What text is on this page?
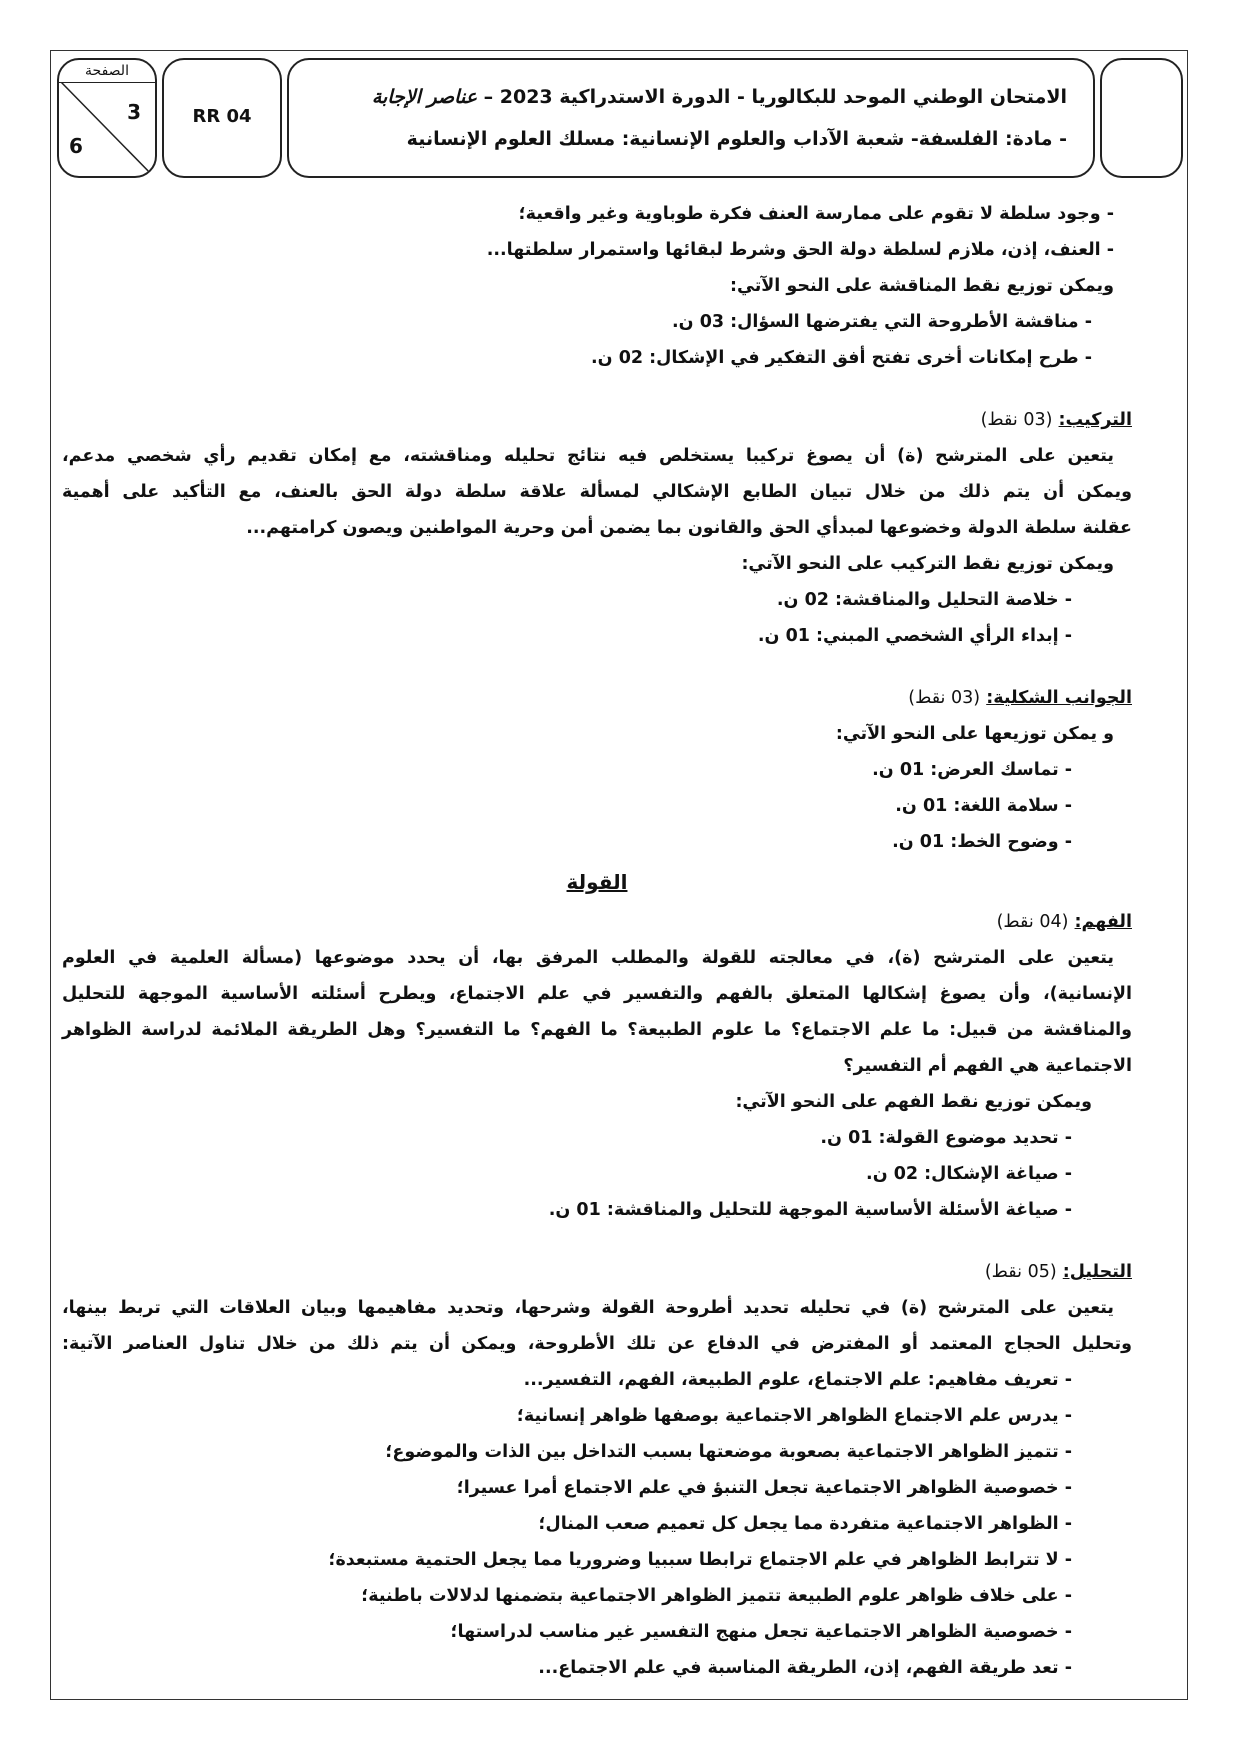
الامتحان الوطني الموحد للبكالوريا - الدورة الاستدراكية 2023 – عناصر الإجابة
- مادة: الفلسفة- شعبة الآداب والعلوم الإنسانية: مسلك العلوم الإنسانية
RR 04
الصفحة
3
6
- وجود سلطة لا تقوم على ممارسة العنف فكرة طوباوية وغير واقعية؛
- العنف، إذن، ملازم لسلطة دولة الحق وشرط لبقائها واستمرار سلطتها...
ويمكن توزيع نقط المناقشة على النحو الآتي:
- مناقشة الأطروحة التي يفترضها السؤال: 03 ن.
- طرح إمكانات أخرى تفتح أفق التفكير في الإشكال: 02 ن.
التركيب: (03 نقط)
يتعين على المترشح (ة) أن يصوغ تركيبا يستخلص فيه نتائج تحليله ومناقشته، مع إمكان تقديم رأي شخصي مدعم،
ويمكن أن يتم ذلك من خلال تبيان الطابع الإشكالي لمسألة علاقة سلطة دولة الحق بالعنف، مع التأكيد على أهمية
عقلنة سلطة الدولة وخضوعها لمبدأي الحق والقانون بما يضمن أمن وحرية المواطنين ويصون كرامتهم...
ويمكن توزيع نقط التركيب على النحو الآتي:
- خلاصة التحليل والمناقشة: 02 ن.
- إبداء الرأي الشخصي المبني: 01 ن.
الجوانب الشكلية: (03 نقط)
و يمكن توزيعها على النحو الآتي:
- تماسك العرض: 01 ن.
- سلامة اللغة: 01 ن.
- وضوح الخط: 01 ن.
القولة
الفهم: (04 نقط)
يتعين على المترشح (ة)، في معالجته للقولة والمطلب المرفق بها، أن يحدد موضوعها (مسألة العلمية في العلوم
الإنسانية)، وأن يصوغ إشكالها المتعلق بالفهم والتفسير في علم الاجتماع، ويطرح أسئلته الأساسية الموجهة للتحليل
والمناقشة من قبيل: ما علم الاجتماع؟ ما علوم الطبيعة؟ ما الفهم؟ ما التفسير؟ وهل الطريقة الملائمة لدراسة الظواهر
الاجتماعية هي الفهم أم التفسير؟
ويمكن توزيع نقط الفهم على النحو الآتي:
- تحديد موضوع القولة: 01 ن.
- صياغة الإشكال: 02 ن.
- صياغة الأسئلة الأساسية الموجهة للتحليل والمناقشة: 01 ن.
التحليل: (05 نقط)
يتعين على المترشح (ة) في تحليله تحديد أطروحة القولة وشرحها، وتحديد مفاهيمها وبيان العلاقات التي تربط بينها،
وتحليل الحجاج المعتمد أو المفترض في الدفاع عن تلك الأطروحة، ويمكن أن يتم ذلك من خلال تناول العناصر الآتية:
- تعريف مفاهيم: علم الاجتماع، علوم الطبيعة، الفهم، التفسير...
- يدرس علم الاجتماع الظواهر الاجتماعية بوصفها ظواهر إنسانية؛
- تتميز الظواهر الاجتماعية بصعوبة موضعتها بسبب التداخل بين الذات والموضوع؛
- خصوصية الظواهر الاجتماعية تجعل التنبؤ في علم الاجتماع أمرا عسيرا؛
- الظواهر الاجتماعية متفردة مما يجعل كل تعميم صعب المنال؛
- لا تترابط الظواهر في علم الاجتماع ترابطا سببيا وضروريا مما يجعل الحتمية مستبعدة؛
- على خلاف ظواهر علوم الطبيعة تتميز الظواهر الاجتماعية بتضمنها لدلالات باطنية؛
- خصوصية الظواهر الاجتماعية تجعل منهج التفسير غير مناسب لدراستها؛
- تعد طريقة الفهم، إذن، الطريقة المناسبة في علم الاجتماع...
